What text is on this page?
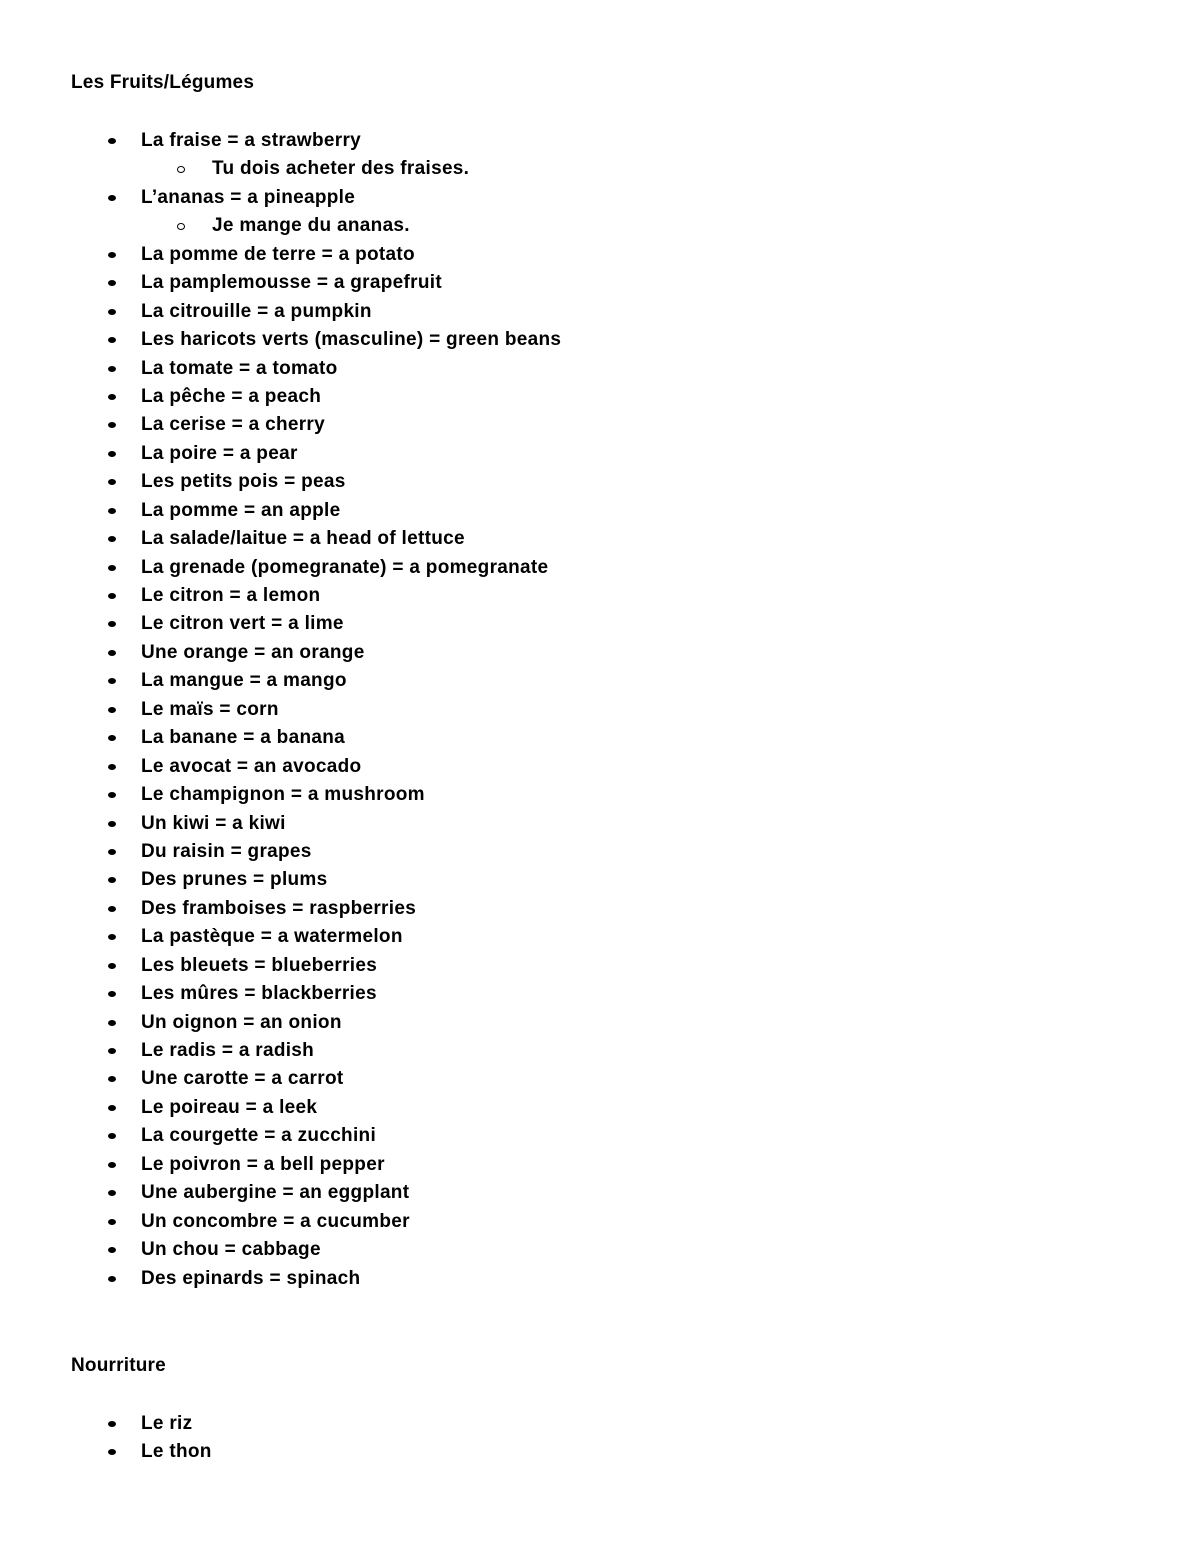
Les Fruits/Légumes
La fraise = a strawberry
Tu dois acheter des fraises.
L’ananas = a pineapple
Je mange du ananas.
La pomme de terre = a potato
La pamplemousse = a grapefruit
La citrouille = a pumpkin
Les haricots verts (masculine) = green beans
La tomate = a tomato
La pêche = a peach
La cerise = a cherry
La poire = a pear
Les petits pois = peas
La pomme = an apple
La salade/laitue = a head of lettuce
La grenade (pomegranate) = a pomegranate
Le citron = a lemon
Le citron vert = a lime
Une orange = an orange
La mangue = a mango
Le maïs = corn
La banane = a banana
Le avocat = an avocado
Le champignon = a mushroom
Un kiwi = a kiwi
Du raisin = grapes
Des prunes = plums
Des framboises = raspberries
La pastèque = a watermelon
Les bleuets = blueberries
Les mûres = blackberries
Un oignon = an onion
Le radis = a radish
Une carotte = a carrot
Le poireau = a leek
La courgette = a zucchini
Le poivron = a bell pepper
Une aubergine = an eggplant
Un concombre = a cucumber
Un chou = cabbage
Des epinards = spinach
Nourriture
Le riz
Le thon
